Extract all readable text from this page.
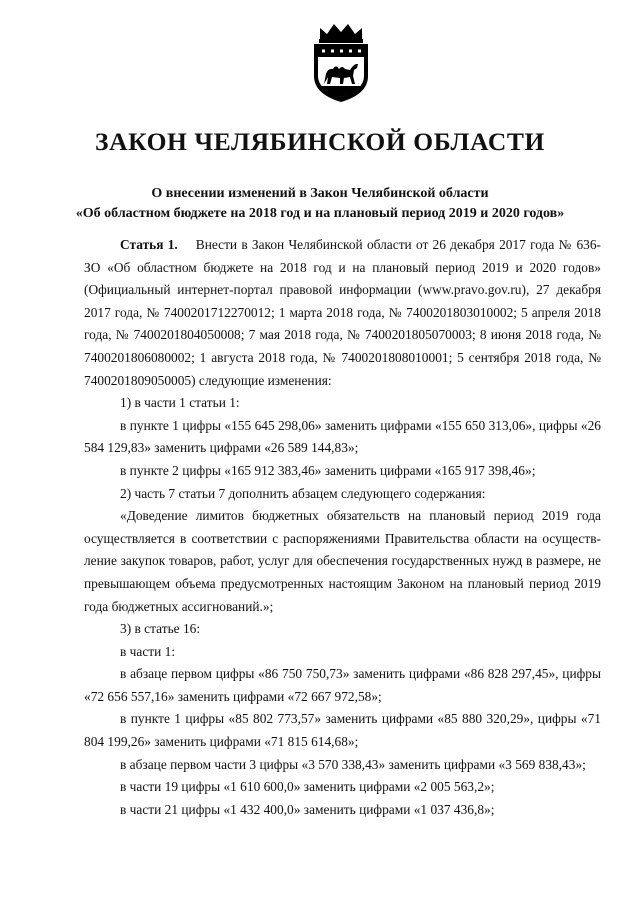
ЗАКОН ЧЕЛЯБИНСКОЙ ОБЛАСТИ
О внесении изменений в Закон Челябинской области
«Об областном бюджете на 2018 год и на плановый период 2019 и 2020 годов»

Статья 1. Внести в Закон Челябинской области от 26 декабря 2017 года № 636-ЗО «Об областном бюджете на 2018 год и на плановый период 2019 и 2020 годов» (Официальный интернет-портал правовой информации (www.pravo.gov.ru), 27 декабря 2017 года, № 7400201712270012; 1 марта 2018 года, № 7400201803010002; 5 апреля 2018 года, № 7400201804050008; 7 мая 2018 года, № 7400201805070003; 8 июня 2018 года, № 7400201806080002; 1 августа 2018 года, № 7400201808010001; 5 сентября 2018 года, № 7400201809050005) следующие изменения:

1) в части 1 статьи 1:

в пункте 1 цифры «155 645 298,06» заменить цифрами «155 650 313,06», цифры «26 584 129,83» заменить цифрами «26 589 144,83»;

в пункте 2 цифры «165 912 383,46» заменить цифрами «165 917 398,46»;

2) часть 7 статьи 7 дополнить абзацем следующего содержания:

«Доведение лимитов бюджетных обязательств на плановый период 2019 года осуществляется в соответствии с распоряжениями Правительства области на осуществ-ление закупок товаров, работ, услуг для обеспечения государственных нужд в размере, не превышающем объема предусмотренных настоящим Законом на плановый период 2019 года бюджетных ассигнований.»;

3) в статье 16:

в части 1:

в абзаце первом цифры «86 750 750,73» заменить цифрами «86 828 297,45», цифры «72 656 557,16» заменить цифрами «72 667 972,58»;

в пункте 1 цифры «85 802 773,57» заменить цифрами «85 880 320,29», цифры «71 804 199,26» заменить цифрами «71 815 614,68»;

в абзаце первом части 3 цифры «3 570 338,43» заменить цифрами «3 569 838,43»;

в части 19 цифры «1 610 600,0» заменить цифрами «2 005 563,2»;

в части 21 цифры «1 432 400,0» заменить цифрами «1 037 436,8»;
